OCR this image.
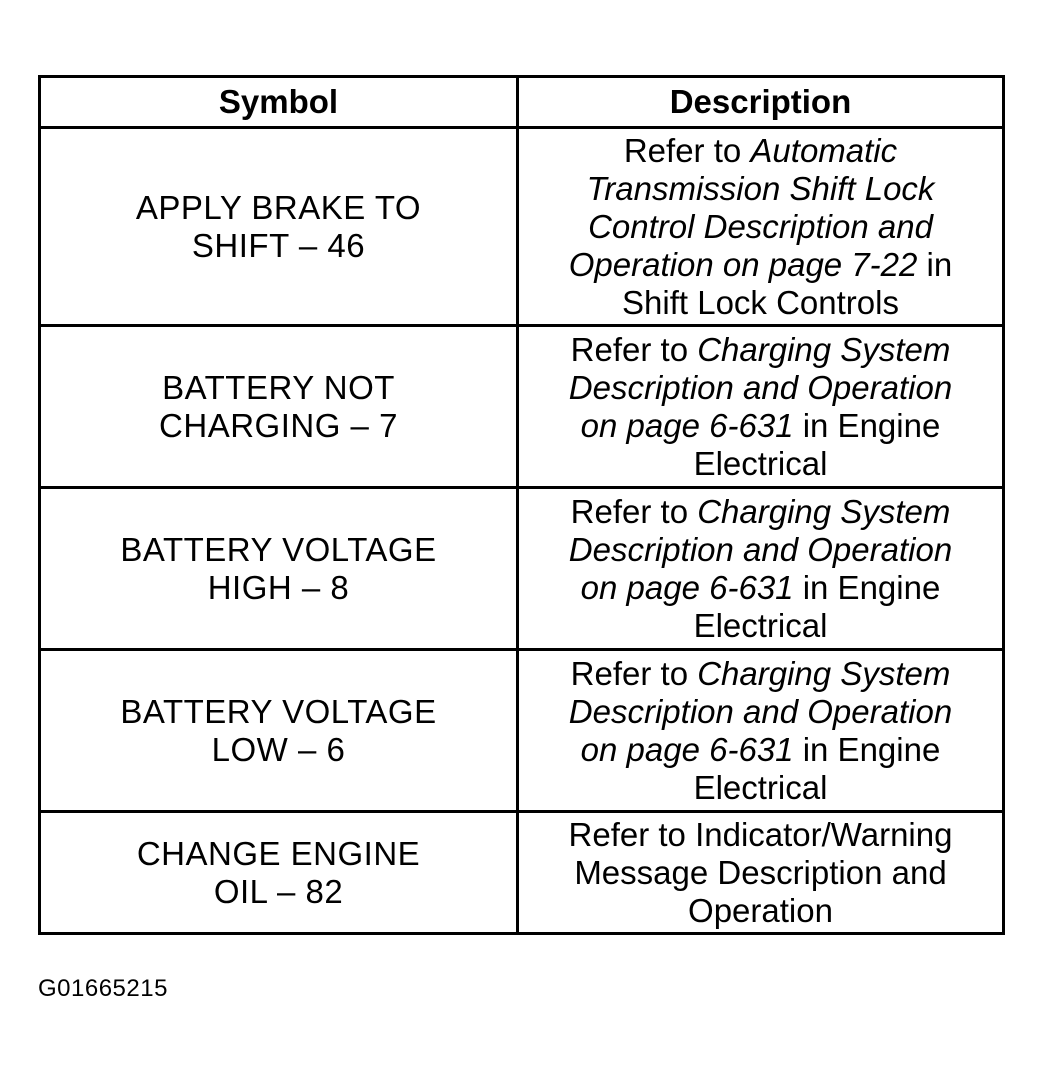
Symbol	Description

APPLY BRAKE TO
SHIFT – 46	Refer to Automatic
Transmission Shift Lock
Control Description and
Operation on page 7-22 in
Shift Lock Controls

BATTERY NOT
CHARGING – 7	Refer to Charging System
Description and Operation
on page 6-631 in Engine
Electrical

BATTERY VOLTAGE
HIGH – 8	Refer to Charging System
Description and Operation
on page 6-631 in Engine
Electrical

BATTERY VOLTAGE
LOW – 6	Refer to Charging System
Description and Operation
on page 6-631 in Engine
Electrical

CHANGE ENGINE
OIL – 82	Refer to Indicator/Warning
Message Description and
Operation
G01665215
